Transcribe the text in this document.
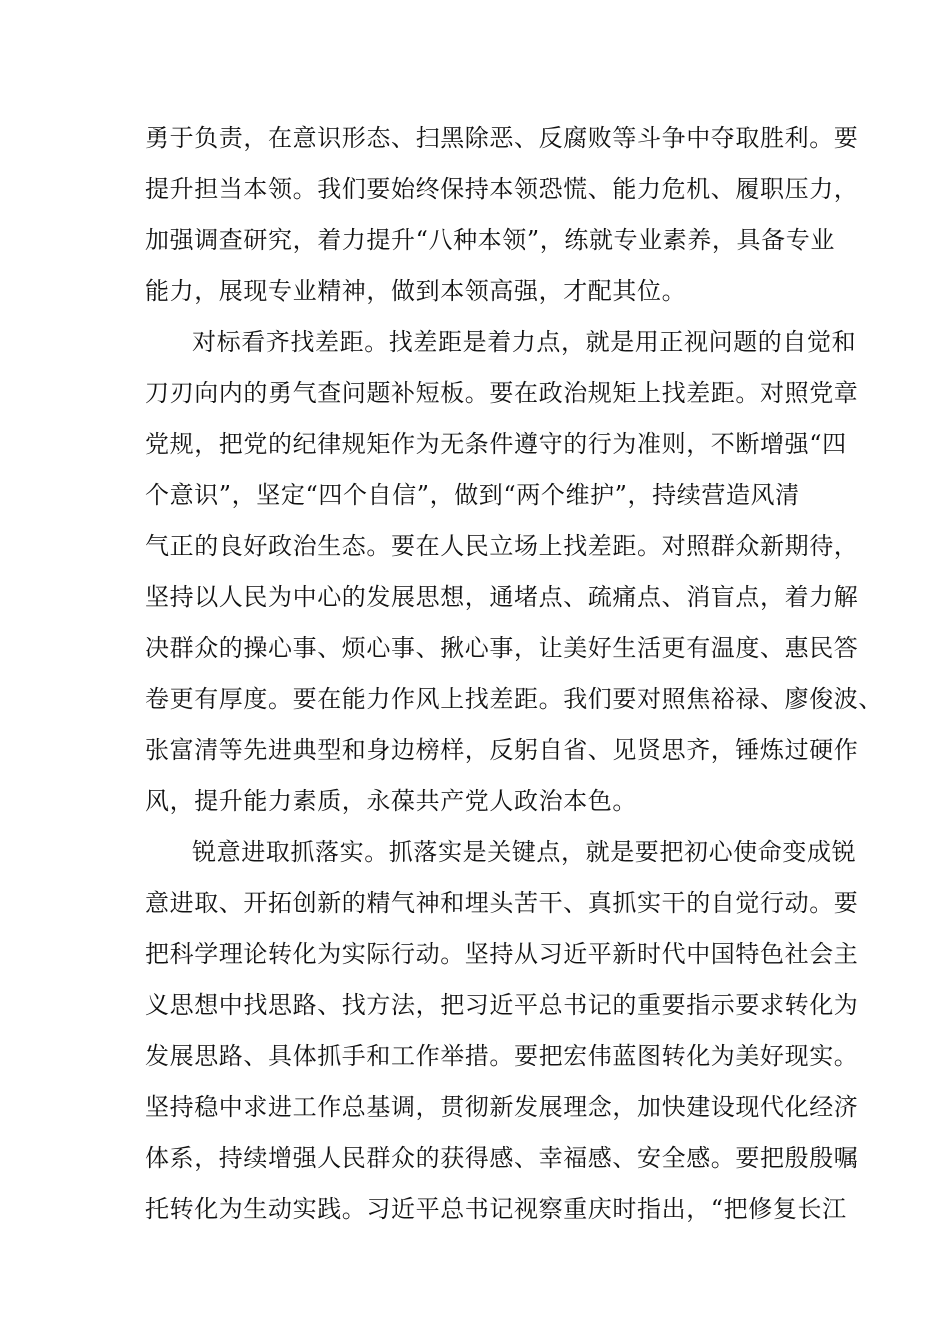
勇于负责，在意识形态、扫黑除恶、反腐败等斗争中夺取胜利。要
提升担当本领。我们要始终保持本领恐慌、能力危机、履职压力，
加强调查研究，着力提升“八种本领”，练就专业素养，具备专业
能力，展现专业精神，做到本领高强，才配其位。
对标看齐找差距。找差距是着力点，就是用正视问题的自觉和
刀刃向内的勇气查问题补短板。要在政治规矩上找差距。对照党章
党规，把党的纪律规矩作为无条件遵守的行为准则，不断增强“四
个意识”，坚定“四个自信”，做到“两个维护”，持续营造风清
气正的良好政治生态。要在人民立场上找差距。对照群众新期待，
坚持以人民为中心的发展思想，通堵点、疏痛点、消盲点，着力解
决群众的操心事、烦心事、揪心事，让美好生活更有温度、惠民答
卷更有厚度。要在能力作风上找差距。我们要对照焦裕禄、廖俊波、
张富清等先进典型和身边榜样，反躬自省、见贤思齐，锤炼过硬作
风，提升能力素质，永葆共产党人政治本色。
锐意进取抓落实。抓落实是关键点，就是要把初心使命变成锐
意进取、开拓创新的精气神和埋头苦干、真抓实干的自觉行动。要
把科学理论转化为实际行动。坚持从习近平新时代中国特色社会主
义思想中找思路、找方法，把习近平总书记的重要指示要求转化为
发展思路、具体抓手和工作举措。要把宏伟蓝图转化为美好现实。
坚持稳中求进工作总基调，贯彻新发展理念，加快建设现代化经济
体系，持续增强人民群众的获得感、幸福感、安全感。要把殷殷嘱
托转化为生动实践。习近平总书记视察重庆时指出，“把修复长江
